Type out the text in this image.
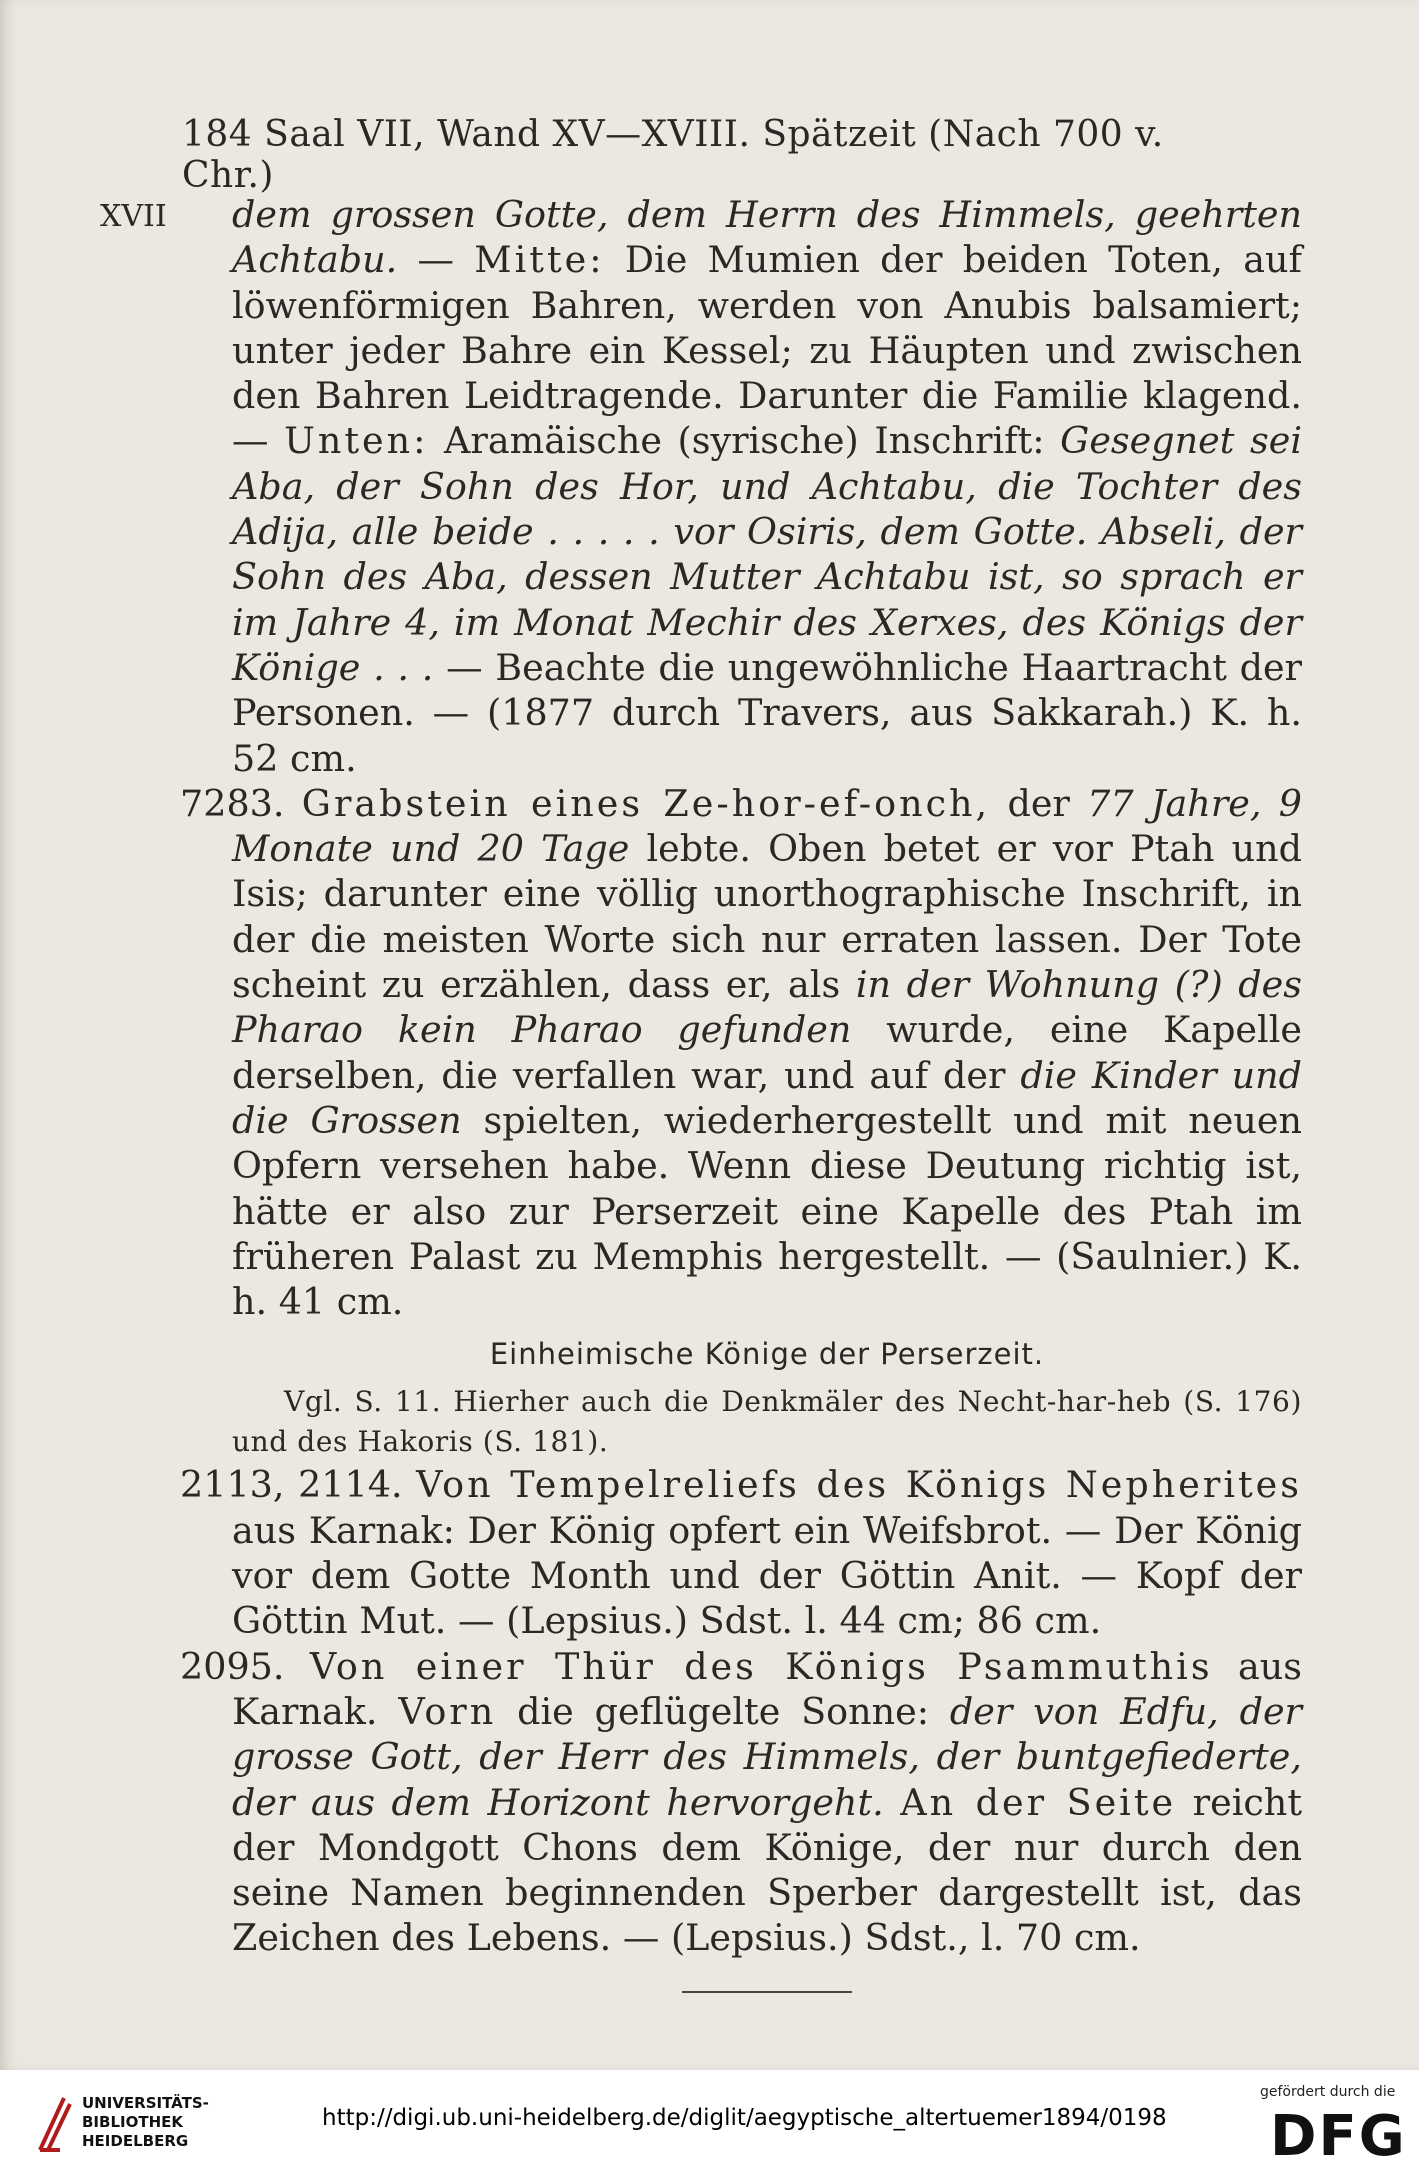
184 Saal VII, Wand XV—XVIII. Spätzeit (Nach 700 v. Chr.)
XVII dem grossen Gotte, dem Herrn des Himmels, geehrten Achtabu. — Mitte: Die Mumien der beiden Toten, auf löwenförmigen Bahren, werden von Anubis balsamiert; unter jeder Bahre ein Kessel; zu Häupten und zwischen den Bahren Leidtragende. Darunter die Familie klagend. — Unten: Aramäische (syrische) Inschrift: Gesegnet sei Aba, der Sohn des Hor, und Achtabu, die Tochter des Adija, alle beide . . . . . vor Osiris, dem Gotte. Abseli, der Sohn des Aba, dessen Mutter Achtabu ist, so sprach er im Jahre 4, im Monat Mechir des Xerxes, des Königs der Könige . . . — Beachte die ungewöhnliche Haartracht der Personen. — (1877 durch Travers, aus Sakkarah.) K. h. 52 cm.

7283. Grabstein eines Ze-hor-ef-onch, der 77 Jahre, 9 Monate und 20 Tage lebte. Oben betet er vor Ptah und Isis; darunter eine völlig unorthographische Inschrift, in der die meisten Worte sich nur erraten lassen. Der Tote scheint zu erzählen, dass er, als in der Wohnung (?) des Pharao kein Pharao gefunden wurde, eine Kapelle derselben, die verfallen war, und auf der die Kinder und die Grossen spielten, wiederhergestellt und mit neuen Opfern versehen habe. Wenn diese Deutung richtig ist, hätte er also zur Perserzeit eine Kapelle des Ptah im früheren Palast zu Memphis hergestellt. — (Saulnier.) K. h. 41 cm.

Einheimische Könige der Perserzeit.

Vgl. S. 11. Hierher auch die Denkmäler des Necht-har-heb (S. 176) und des Hakoris (S. 181).

2113, 2114. Von Tempelreliefs des Königs Nepherites aus Karnak: Der König opfert ein Weifsbrot. — Der König vor dem Gotte Month und der Göttin Anit. — Kopf der Göttin Mut. — (Lepsius.) Sdst. l. 44 cm; 86 cm.

2095. Von einer Thür des Königs Psammuthis aus Karnak. Vorn die geflügelte Sonne: der von Edfu, der grosse Gott, der Herr des Himmels, der buntgefiederte, der aus dem Horizont hervorgeht. An der Seite reicht der Mondgott Chons dem Könige, der nur durch den seine Namen beginnenden Sperber dargestellt ist, das Zeichen des Lebens. — (Lepsius.) Sdst., l. 70 cm.

UNIVERSITÄTS-
BIBLIOTHEK
HEIDELBERG
http://digi.ub.uni-heidelberg.de/diglit/aegyptische_altertuemer1894/0198
gefördert durch die
DFG
